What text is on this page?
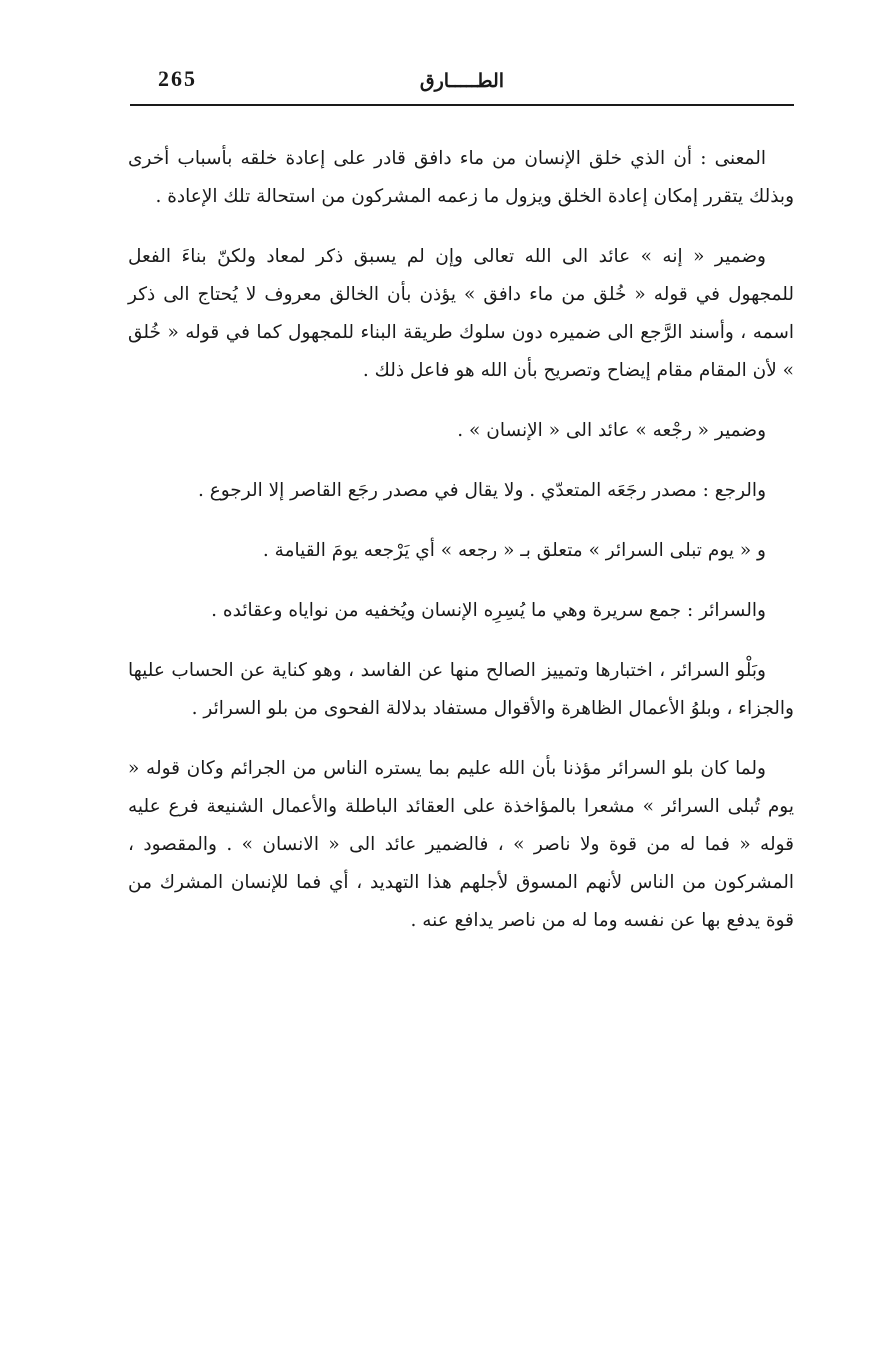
265	الطـــــارق

المعنى : أن الذي خلق الإنسان من ماء دافق قادر على إعادة خلقه بأسباب أخرى وبذلك يتقرر إمكان إعادة الخلق ويزول ما زعمه المشركون من استحالة تلك الإعادة .

وضمير « إنه » عائد الى الله تعالى وإن لم يسبق ذكر لمعاد ولكنّ بناءَ الفعل للمجهول في قوله « خُلق من ماء دافق » يؤذن بأن الخالق معروف لا يُحتاج الى ذكر اسمه ، وأسند الرَّجع الى ضميره دون سلوك طريقة البناء للمجهول كما في قوله « خُلق » لأن المقام مقام إيضاح وتصريح بأن الله هو فاعل ذلك .

وضمير « رجْعه » عائد الى « الإنسان » .

والرجع : مصدر رجَعَه المتعدّي . ولا يقال في مصدر رجَع القاصر إلا الرجوع .

و « يوم تبلى السرائر » متعلق بـ « رجعه » أي يَرْجعه يومَ القيامة .

والسرائر : جمع سريرة وهي ما يُسِرِه الإنسان ويُخفيه من نواياه وعقائده .

وبَلْو السرائر ، اختبارها وتمييز الصالح منها عن الفاسد ، وهو كناية عن الحساب عليها والجزاء ، وبلوُ الأعمال الظاهرة والأقوال مستفاد بدلالة الفحوى من بلو السرائر .

ولما كان بلو السرائر مؤذنا بأن الله عليم بما يستره الناس من الجرائم وكان قوله « يوم تُبلى السرائر » مشعرا بالمؤاخذة على العقائد الباطلة والأعمال الشنيعة فرع عليه قوله « فما له من قوة ولا ناصر » ، فالضمير عائد الى « الانسان » . والمقصود ، المشركون من الناس لأنهم المسوق لأجلهم هذا التهديد ، أي فما للإنسان المشرك من قوة يدفع بها عن نفسه وما له من ناصر يدافع عنه .
